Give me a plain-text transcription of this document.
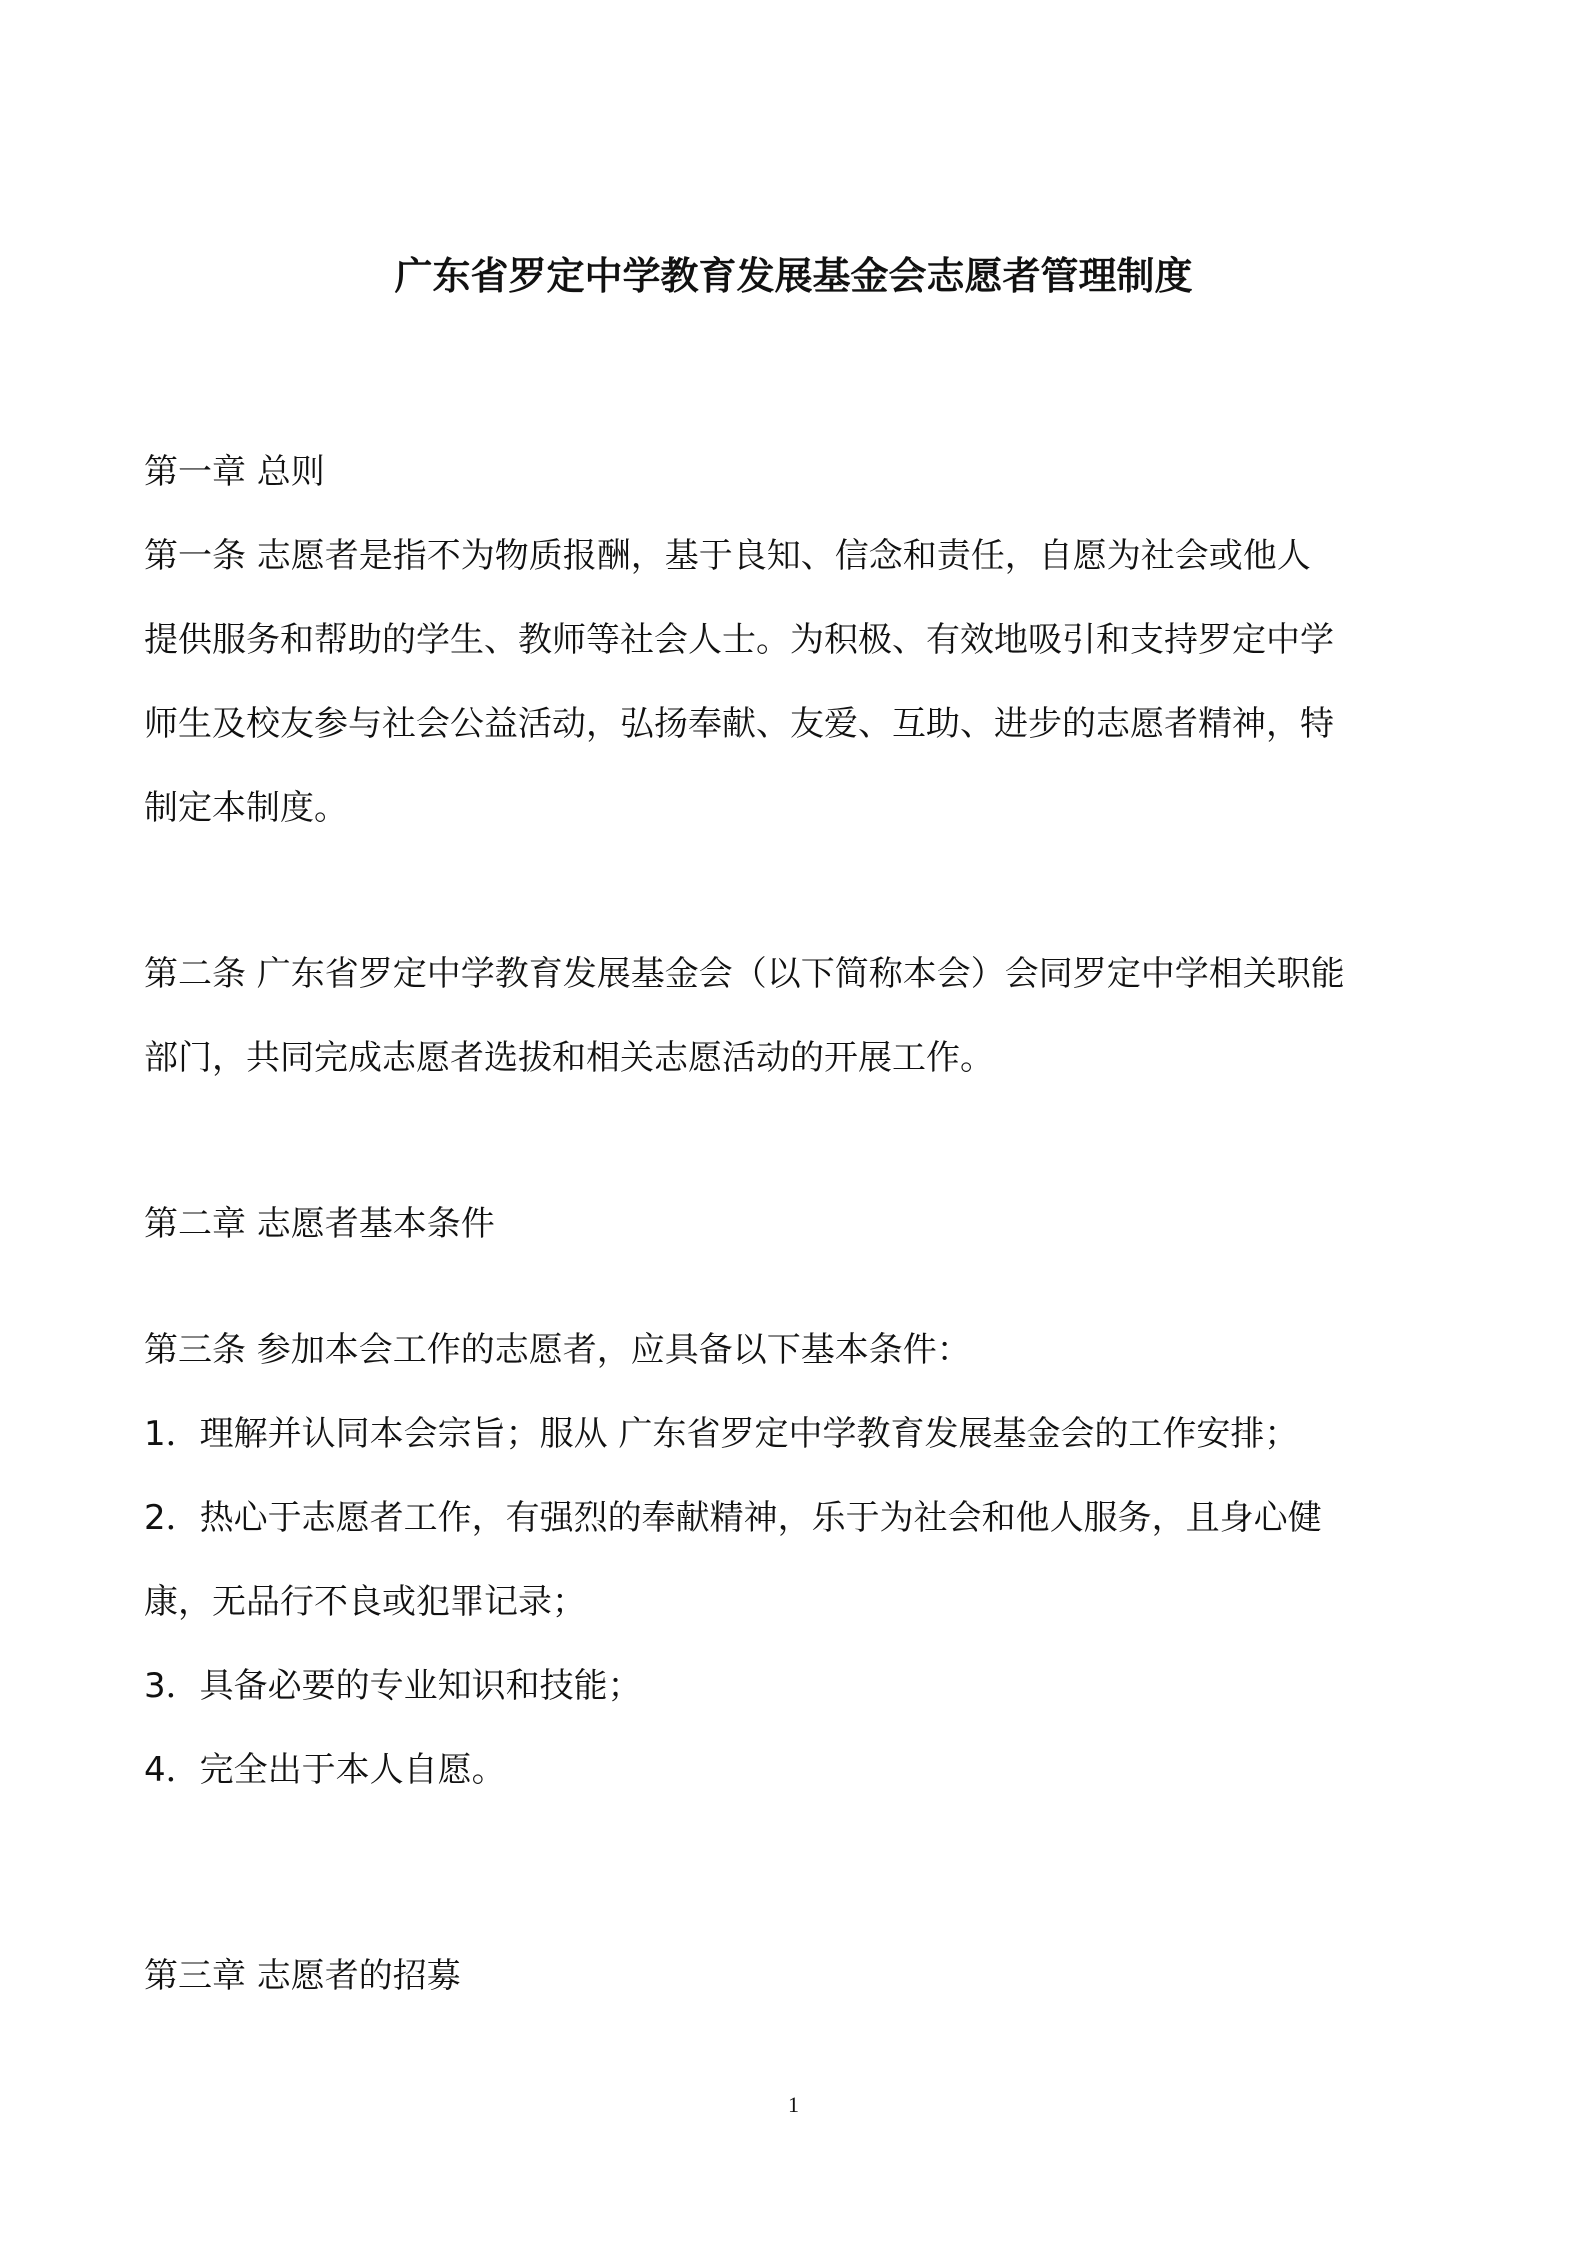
广东省罗定中学教育发展基金会志愿者管理制度
第一章 总则
第一条 志愿者是指不为物质报酬，基于良知、信念和责任，自愿为社会或他人
提供服务和帮助的学生、教师等社会人士。为积极、有效地吸引和支持罗定中学
师生及校友参与社会公益活动，弘扬奉献、友爱、互助、进步的志愿者精神，特
制定本制度。
第二条 广东省罗定中学教育发展基金会（以下简称本会）会同罗定中学相关职能
部门，共同完成志愿者选拔和相关志愿活动的开展工作。
第二章 志愿者基本条件
第三条 参加本会工作的志愿者，应具备以下基本条件：
1．理解并认同本会宗旨；服从 广东省罗定中学教育发展基金会的工作安排；
2．热心于志愿者工作，有强烈的奉献精神，乐于为社会和他人服务，且身心健
康，无品行不良或犯罪记录；
3．具备必要的专业知识和技能；
4．完全出于本人自愿。
第三章 志愿者的招募
1
